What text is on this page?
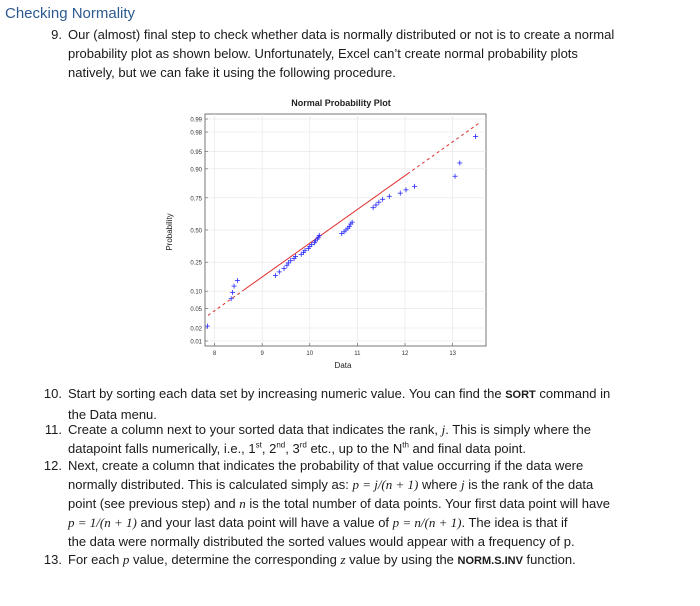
Checking Normality
9. Our (almost) final step to check whether data is normally distributed or not is to create a normal
probability plot as shown below. Unfortunately, Excel can’t create normal probability plots
natively, but we can fake it using the following procedure.
Normal Probability Plot
0.01
0.02
0.05
0.10
0.25
0.50
0.75
0.90
0.95
0.98
0.99
8	9	10	11	12	13
Data
Probability
10. Start by sorting each data set by increasing numeric value. You can find the SORT command in
the Data menu.
11. Create a column next to your sorted data that indicates the rank, j. This is simply where the
datapoint falls numerically, i.e., 1st, 2nd, 3rd etc., up to the $N^{th}$ and final data point.
12. Next, create a column that indicates the probability of that value occurring if the data were
normally distributed. This is calculated simply as: p = j/(n + 1) where j is the rank of the data
point (see previous step) and n is the total number of data points. Your first data point will have
p = 1/(n + 1) and your last data point will have a value of p = n/(n + 1). The idea is that if
the data were normally distributed the sorted values would appear with a frequency of p.
13. For each p value, determine the corresponding z value by using the NORM.S.INV function.
